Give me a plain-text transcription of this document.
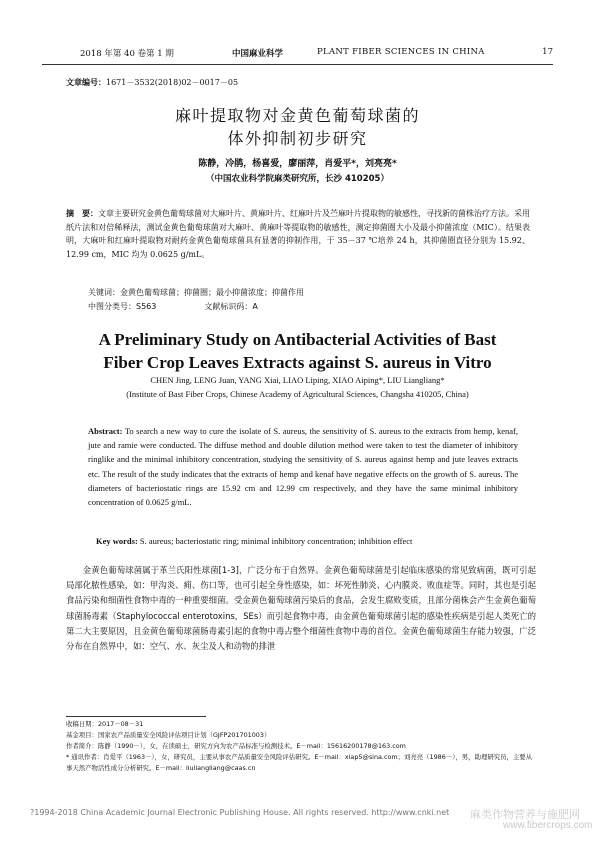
2018 年第 40 卷第 1 期	中国麻业科学	PLANT FIBER SCIENCES IN CHINA	17
文章编号：1671－3532(2018)02－0017－05
麻叶提取物对金黄色葡萄球菌的
体外抑制初步研究
陈静，冷鹃，杨喜爱，廖丽萍，肖爱平*，刘亮亮*
（中国农业科学院麻类研究所，长沙 410205）
摘　要：文章主要研究金黄色葡萄球菌对大麻叶片、黄麻叶片、红麻叶片及苎麻叶片提取物的敏感性，寻找新的菌株治疗方法。采用纸片法和对倍稀释法，测试金黄色葡萄球菌对大麻叶、黄麻叶等提取物的敏感性，测定抑菌圈大小及最小抑菌浓度（MIC）。结果表明，大麻叶和红麻叶提取物对耐药金黄色葡萄球菌具有显著的抑制作用，于 35－37 ℃培养 24 h，其抑菌圈直径分别为 15.92、12.99 cm，MIC 均为 0.0625 g/mL。
关键词：金黄色葡萄球菌；抑菌圈；最小抑菌浓度；抑菌作用
中图分类号：S563	文献标识码：A
A Preliminary Study on Antibacterial Activities of Bast
Fiber Crop Leaves Extracts against S. aureus in Vitro
CHEN Jing, LENG Juan, YANG Xiai, LIAO Liping, XIAO Aiping*, LIU Liangliang*
(Institute of Bast Fiber Crops, Chinese Academy of Agricultural Sciences, Changsha 410205, China)
Abstract: To search a new way to cure the isolate of S. aureus, the sensitivity of S. aureus to the extracts from hemp, kenaf, jute and ramie were conducted. The diffuse method and double dilution method were taken to test the diameter of inhibitory ringlike and the minimal inhibitory concentration, studying the sensitivity of S. aureus against hemp and jute leaves extracts etc. The result of the study indicates that the extracts of hemp and kenaf have negative effects on the growth of S. aureus. The diameters of bacteriostatic rings are 15.92 cm and 12.99 cm respectively, and they have the same minimal inhibitory concentration of 0.0625 g/mL.
Key words: S. aureus; bacteriostatic ring; minimal inhibitory concentration; inhibition effect

金黄色葡萄球菌属于革兰氏阳性球菌[1-3]，广泛分布于自然界。金黄色葡萄球菌是引起临床感染的常见致病菌，既可引起局部化脓性感染，如：甲沟炎、痈、伤口等，也可引起全身性感染，如：坏死性肺炎、心内膜炎、败血症等。同时，其也是引起食品污染和细菌性食物中毒的一种重要细菌。受金黄色葡萄球菌污染后的食品，会发生腐败变质，且部分菌株会产生金黄色葡萄球菌肠毒素（Staphylococcal enterotoxins，SEs）而引起食物中毒，由金黄色葡萄球菌引起的感染性疾病是引起人类死亡的第二大主要原因，且金黄色葡萄球菌肠毒素引起的食物中毒占整个细菌性食物中毒的首位。金黄色葡萄球菌生存能力较强，广泛分布在自然界中，如：空气、水、灰尘及人和动物的排泄

收稿日期：2017－08－31
基金项目：国家农产品质量安全风险评估项目计划（GJFP201701003）
作者简介：陈静（1990－），女，在读硕士，研究方向为农产品标准与检测技术。E－mail：15616200178@163.com
* 通讯作者：肖爱平（1963－），女，研究员，主要从事农产品质量安全风险评估研究。E－mail：xiap5@sina.com；刘亮亮（1986－），男，助理研究员，主要从事天然产物活性成分分析研究。E－mail：liuliangliang@caas.cn
?1994-2018 China Academic Journal Electronic Publishing House. All rights reserved. http://www.cnki.net 麻类作物营养与施肥网
www.fibercrops.com
